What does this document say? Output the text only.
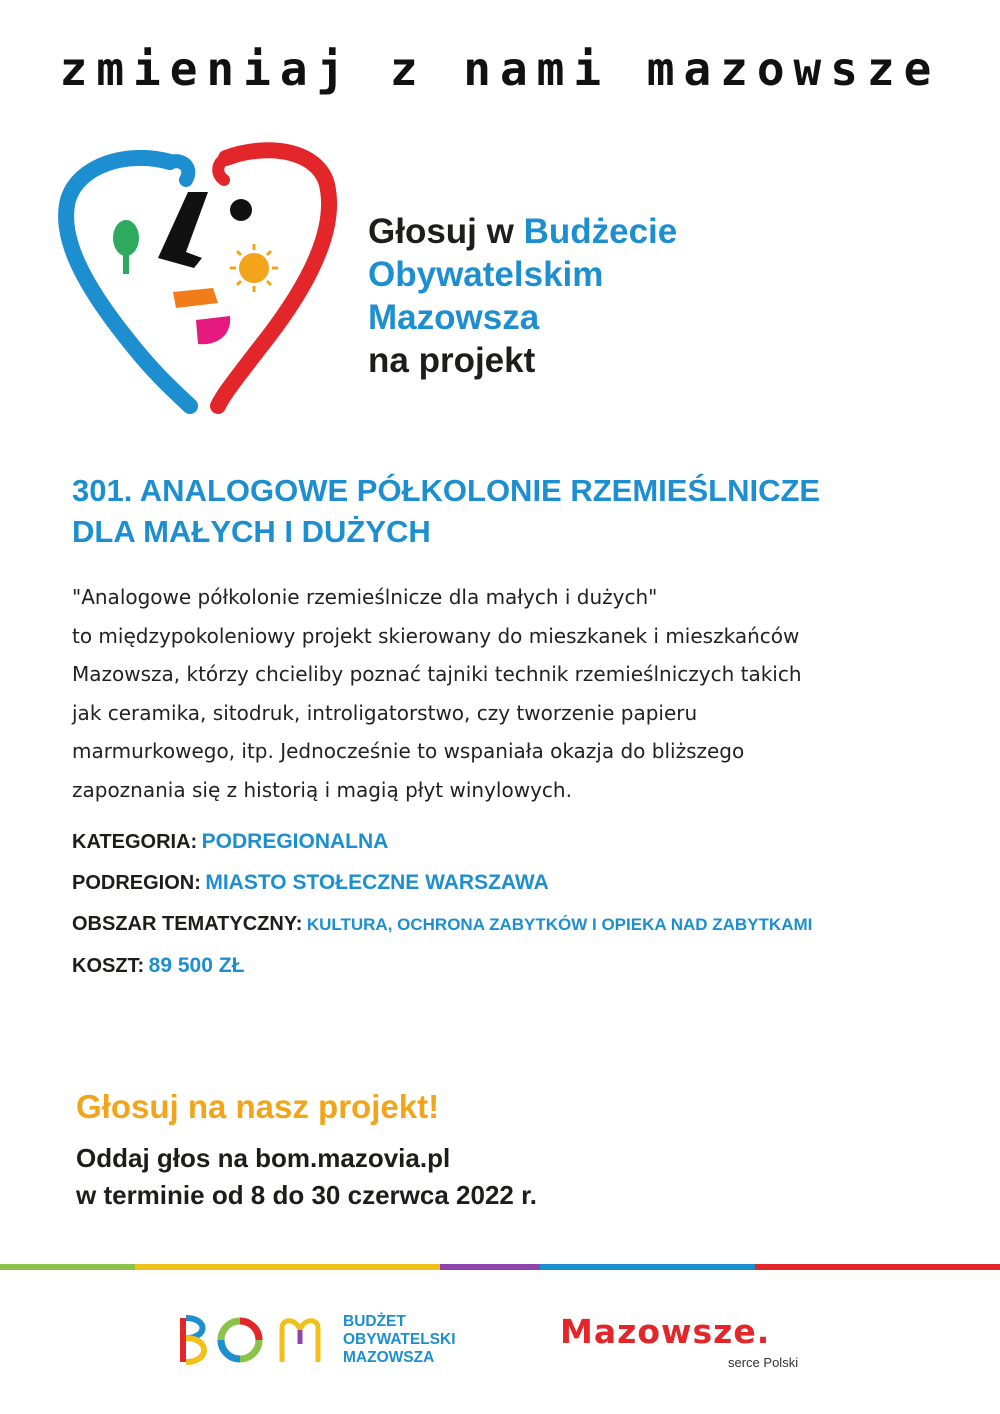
zmieniaj z nami mazowsze
Głosuj w Budżecie
Obywatelskim
Mazowsza
na projekt
301. ANALOGOWE PÓŁKOLONIE RZEMIEŚLNICZE
DLA MAŁYCH I DUŻYCH
"Analogowe półkolonie rzemieślnicze dla małych i dużych"
to międzypokoleniowy projekt skierowany do mieszkanek i mieszkańców
Mazowsza, którzy chcieliby poznać tajniki technik rzemieślniczych takich
jak ceramika, sitodruk, introligatorstwo, czy tworzenie papieru
marmurkowego, itp. Jednocześnie to wspaniała okazja do bliższego
zapoznania się z historią i magią płyt winylowych.
KATEGORIA: PODREGIONALNA
PODREGION: MIASTO STOŁECZNE WARSZAWA
OBSZAR TEMATYCZNY: KULTURA, OCHRONA ZABYTKÓW I OPIEKA NAD ZABYTKAMI
KOSZT: 89 500 ZŁ
Głosuj na nasz projekt!
Oddaj głos na bom.mazovia.pl
w terminie od 8 do 30 czerwca 2022 r.
BUDŻET
OBYWATELSKI
MAZOWSZA
Mazowsze.
serce Polski
